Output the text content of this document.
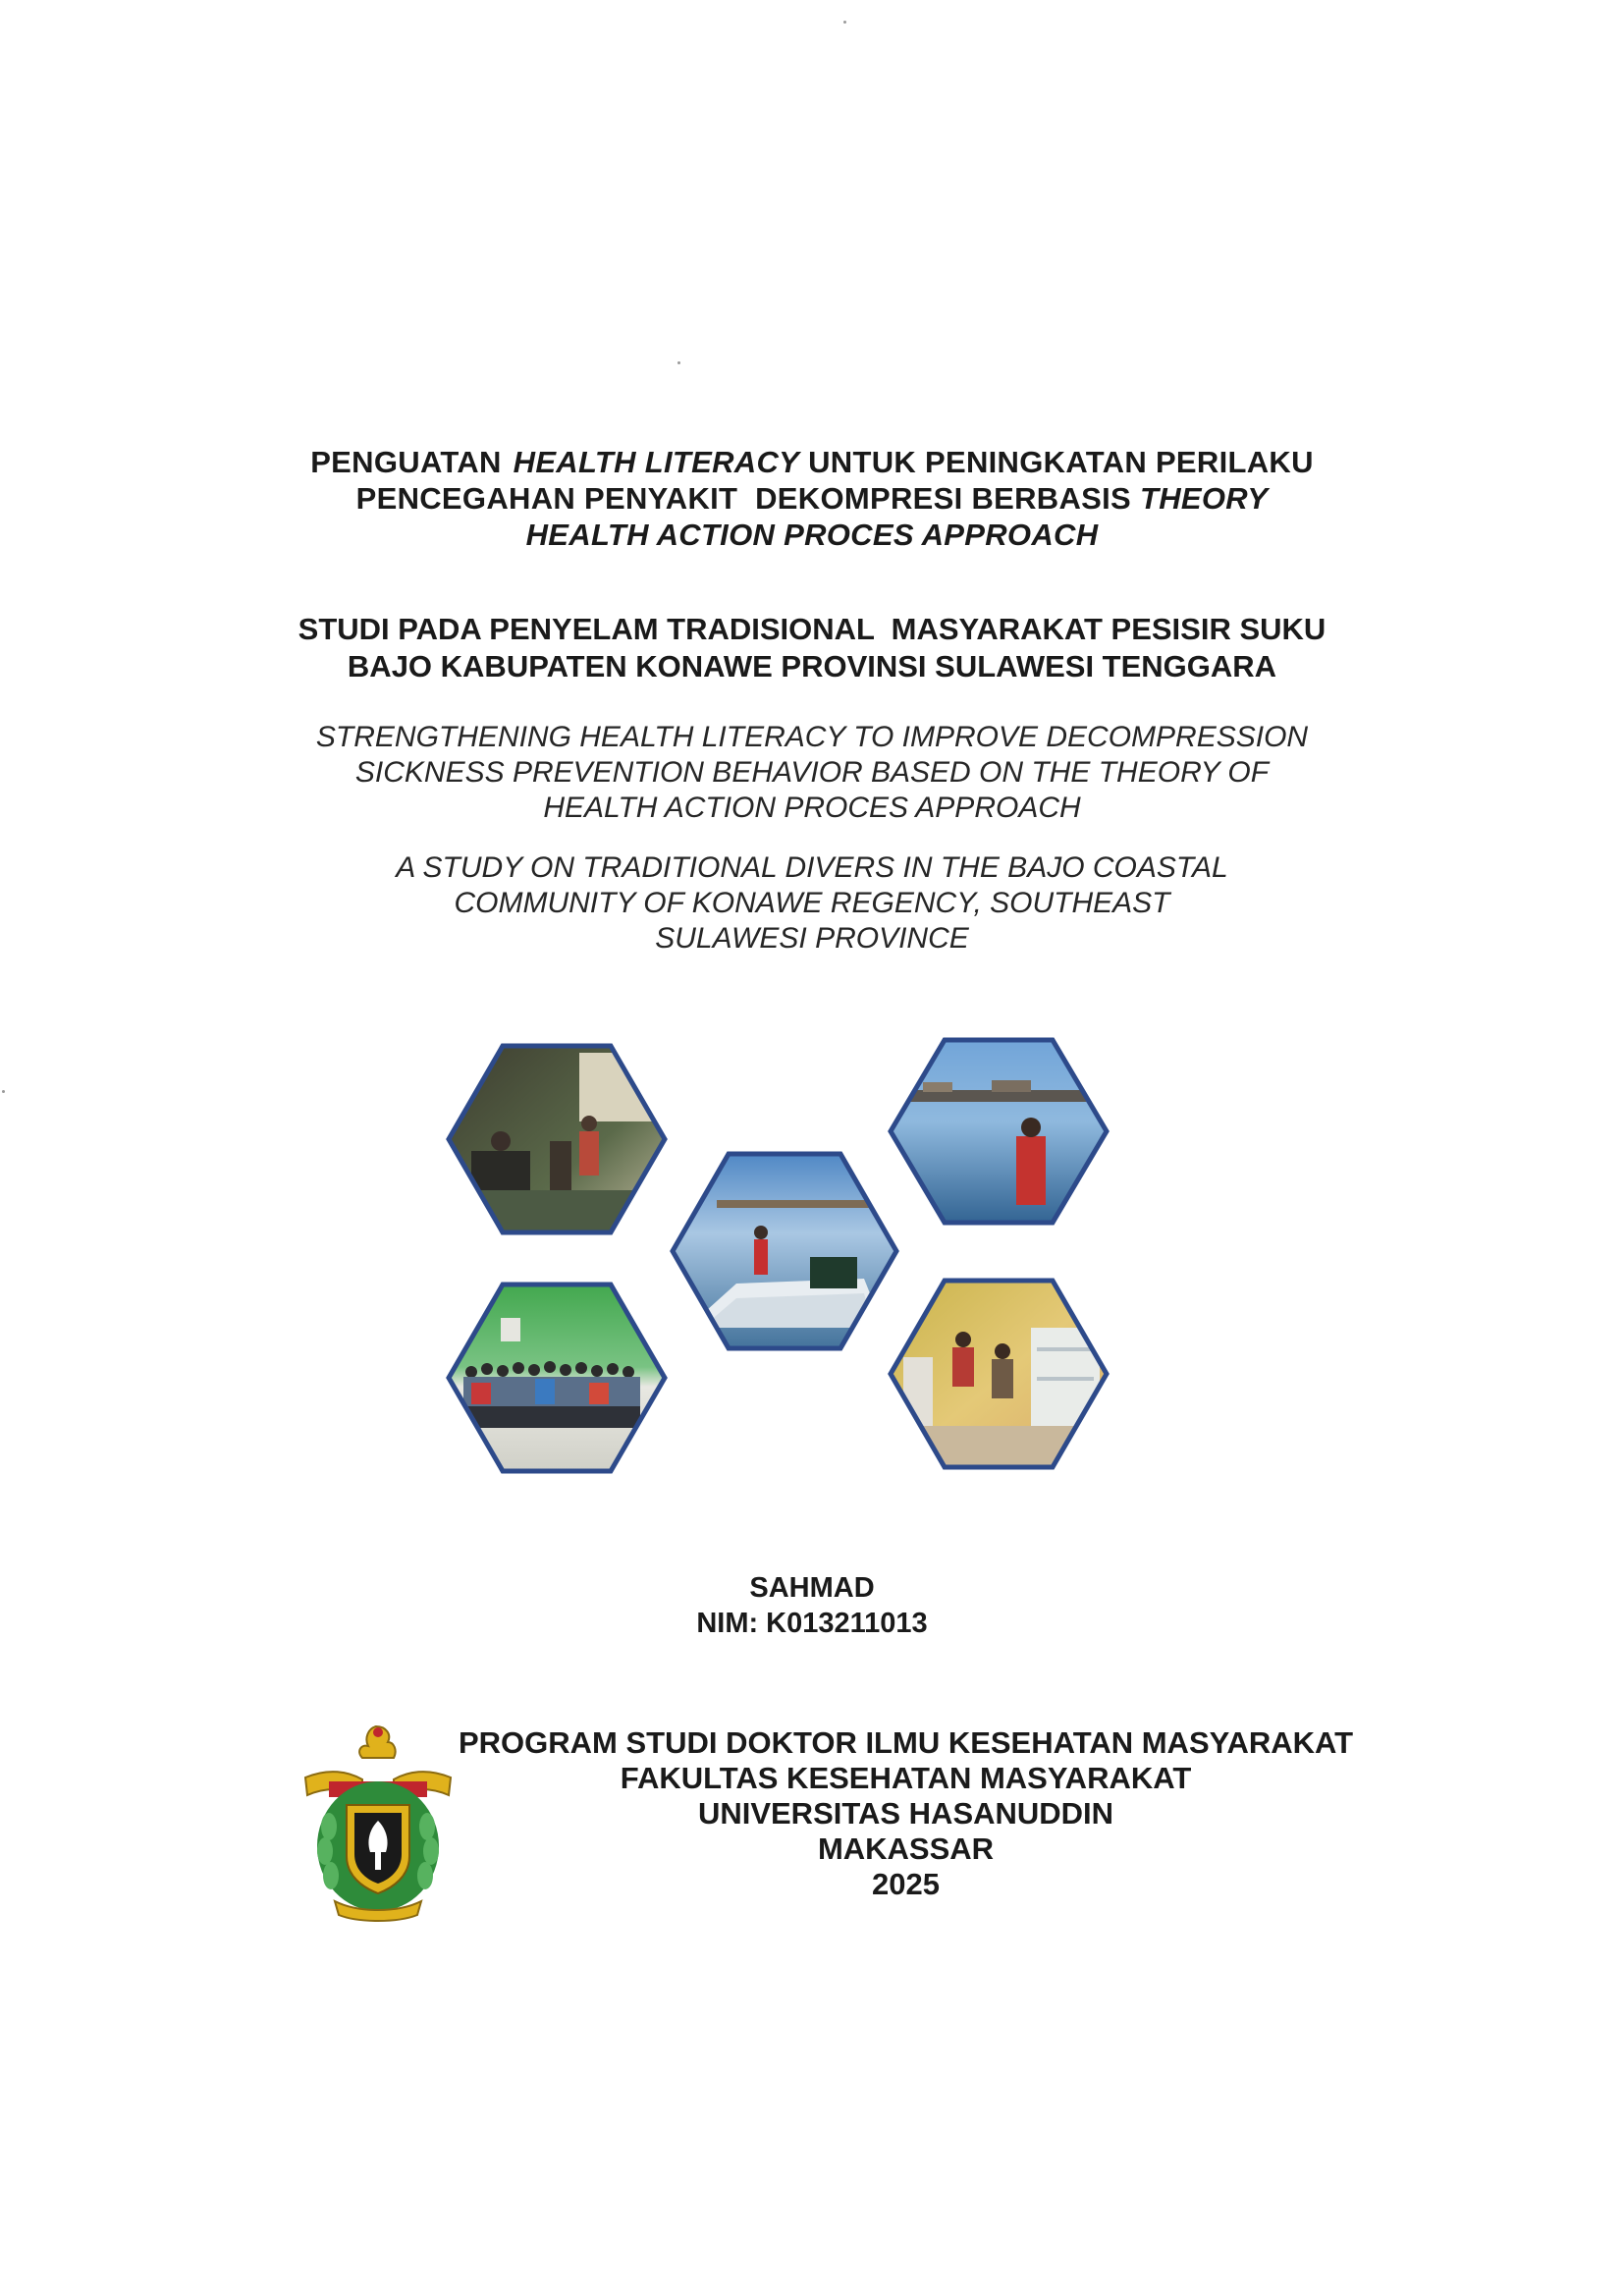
PENGUATAN HEALTH LITERACY UNTUK PENINGKATAN PERILAKU
PENCEGAHAN PENYAKIT  DEKOMPRESI BERBASIS THEORY
HEALTH ACTION PROCES APPROACH
STUDI PADA PENYELAM TRADISIONAL  MASYARAKAT PESISIR SUKU
BAJO KABUPATEN KONAWE PROVINSI SULAWESI TENGGARA
STRENGTHENING HEALTH LITERACY TO IMPROVE DECOMPRESSION
SICKNESS PREVENTION BEHAVIOR BASED ON THE THEORY OF
HEALTH ACTION PROCES APPROACH
A STUDY ON TRADITIONAL DIVERS IN THE BAJO COASTAL
COMMUNITY OF KONAWE REGENCY, SOUTHEAST
SULAWESI PROVINCE
SAHMAD
NIM: K013211013
PROGRAM STUDI DOKTOR ILMU KESEHATAN MASYARAKAT
FAKULTAS KESEHATAN MASYARAKAT
UNIVERSITAS HASANUDDIN
MAKASSAR
2025
